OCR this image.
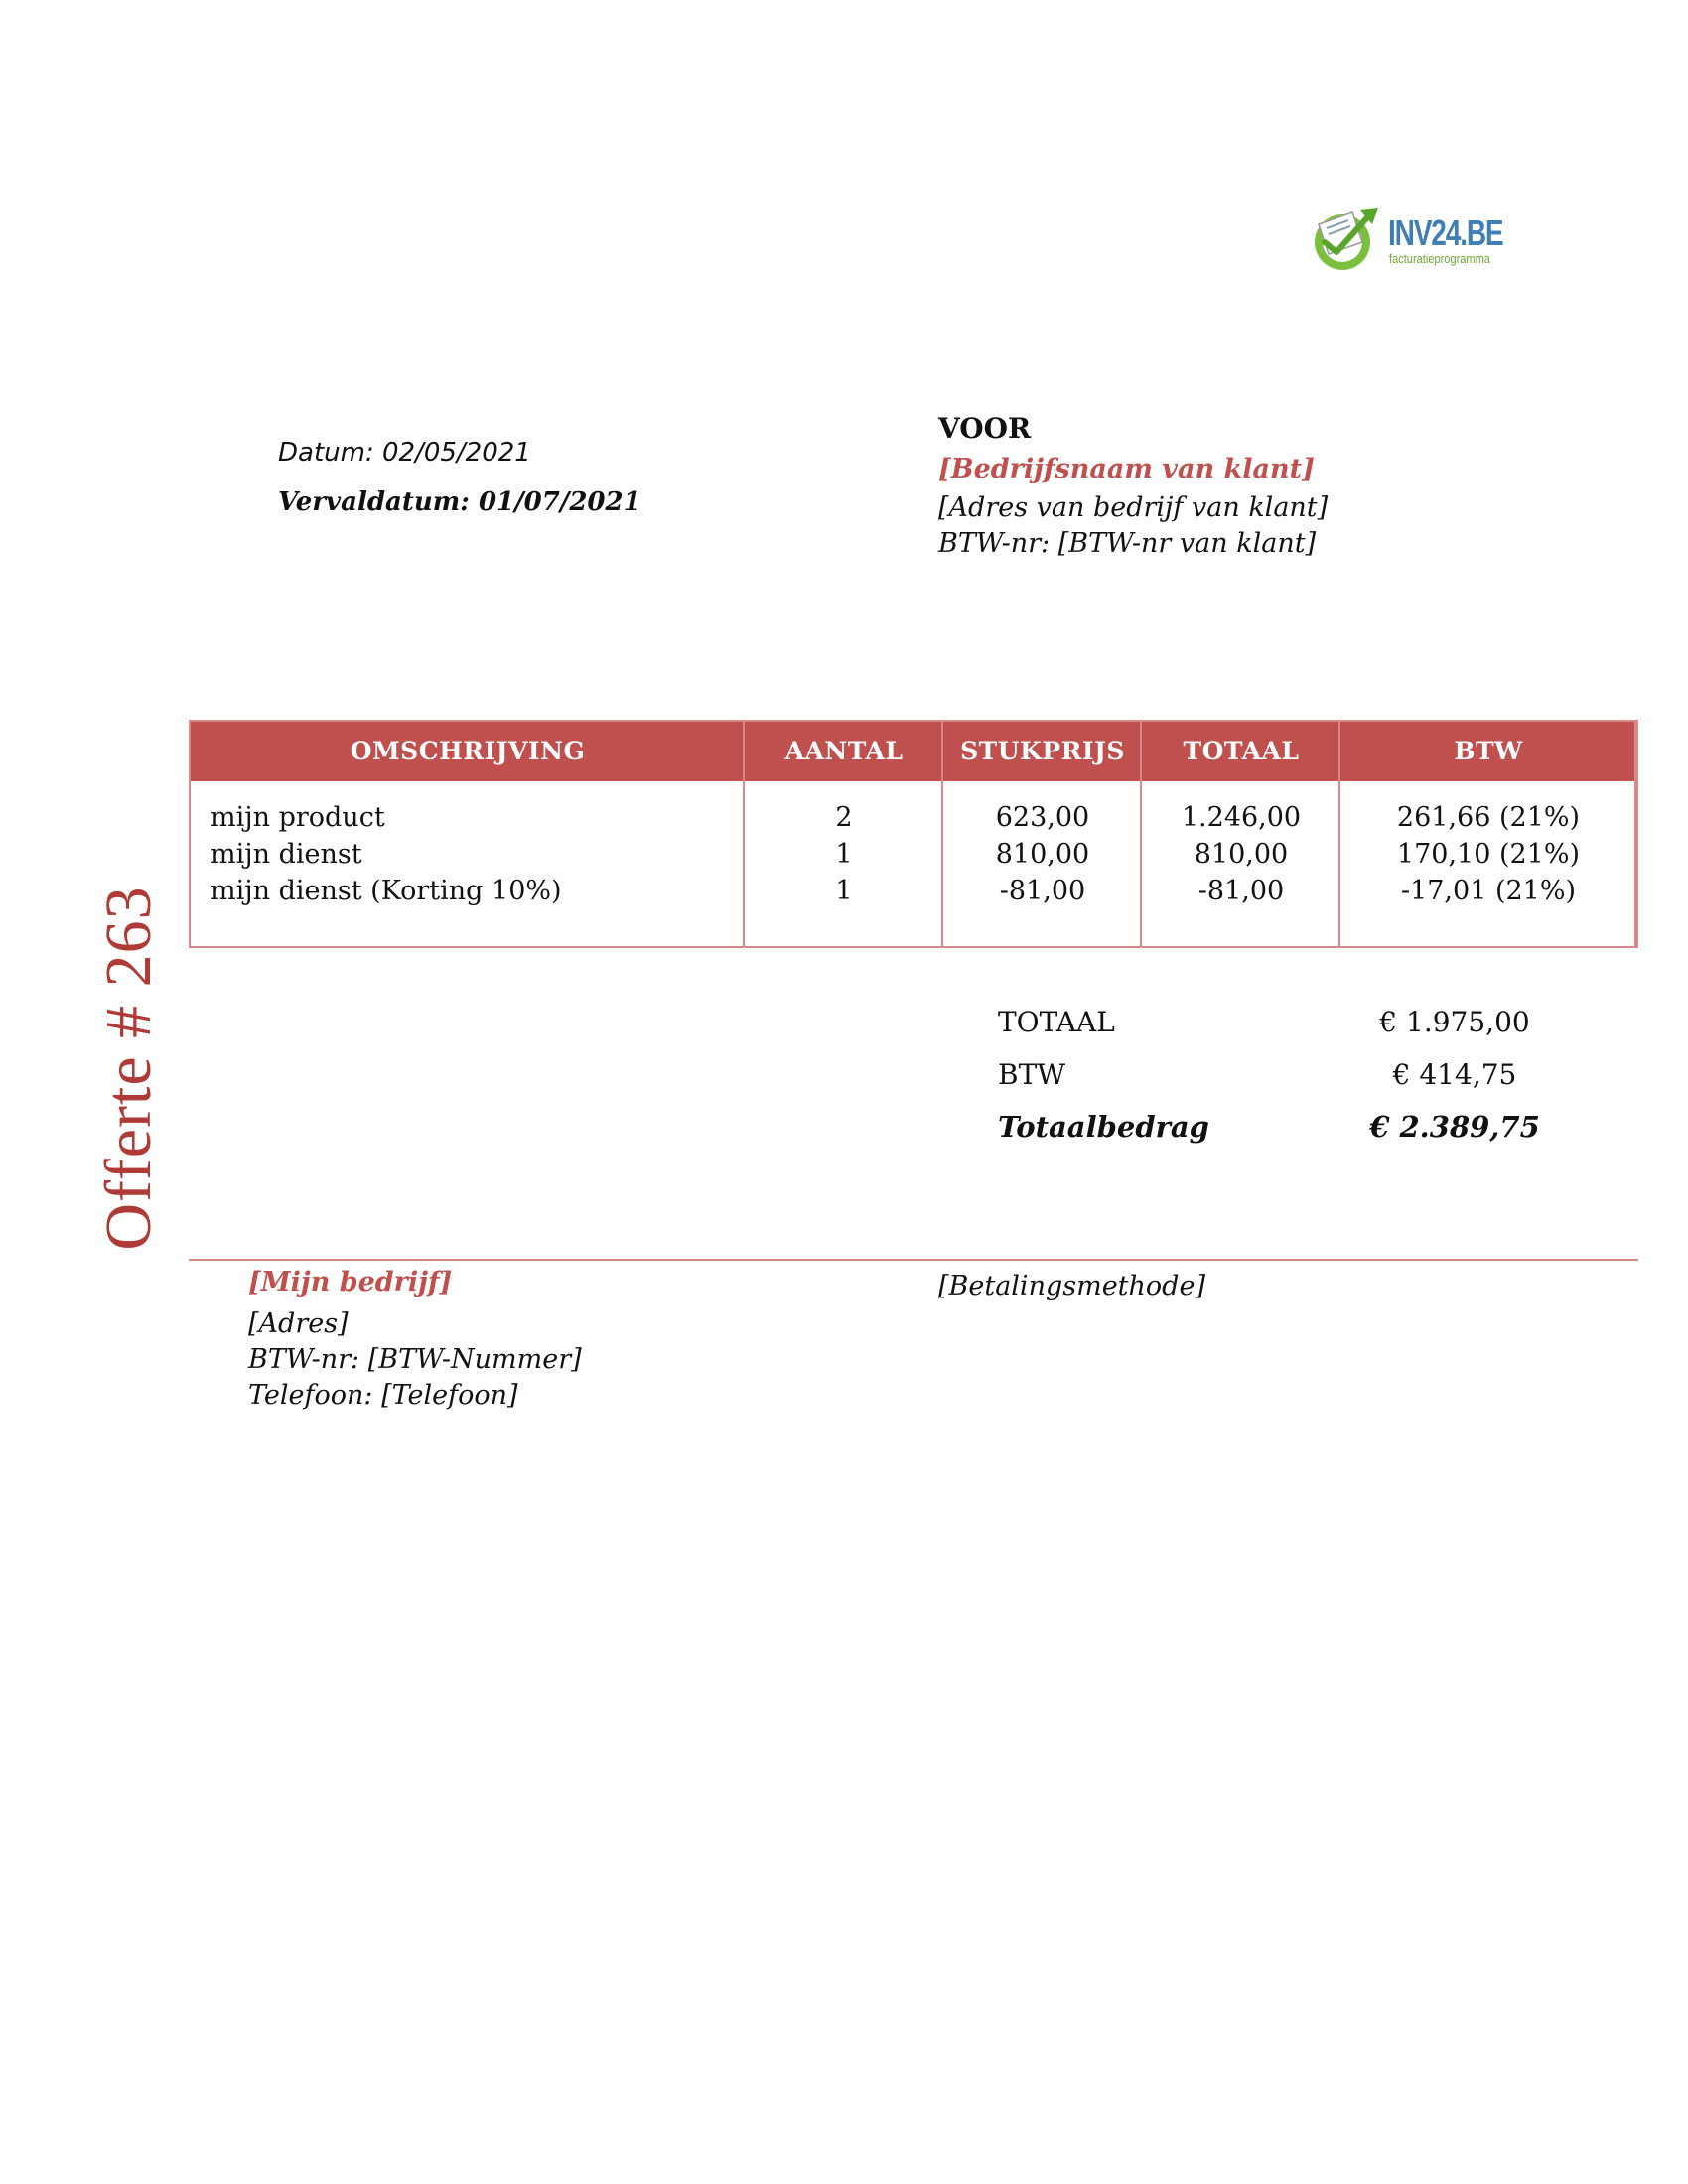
INV24.BE
facturatieprogramma
Offerte # 263
Datum: 02/05/2021
Vervaldatum: 01/07/2021
VOOR
[Bedrijfsnaam van klant]
[Adres van bedrijf van klant]
BTW-nr: [BTW-nr van klant]
OMSCHRIJVING	AANTAL	STUKPRIJS	TOTAAL	BTW
mijn product	2	623,00	1.246,00	261,66 (21%)
mijn dienst	1	810,00	810,00	170,10 (21%)
mijn dienst (Korting 10%)	1	-81,00	-81,00	-17,01 (21%)
TOTAAL	€ 1.975,00
BTW	€ 414,75
Totaalbedrag	€ 2.389,75
[Mijn bedrijf]
[Adres]
BTW-nr: [BTW-Nummer]
Telefoon: [Telefoon]
[Betalingsmethode]
